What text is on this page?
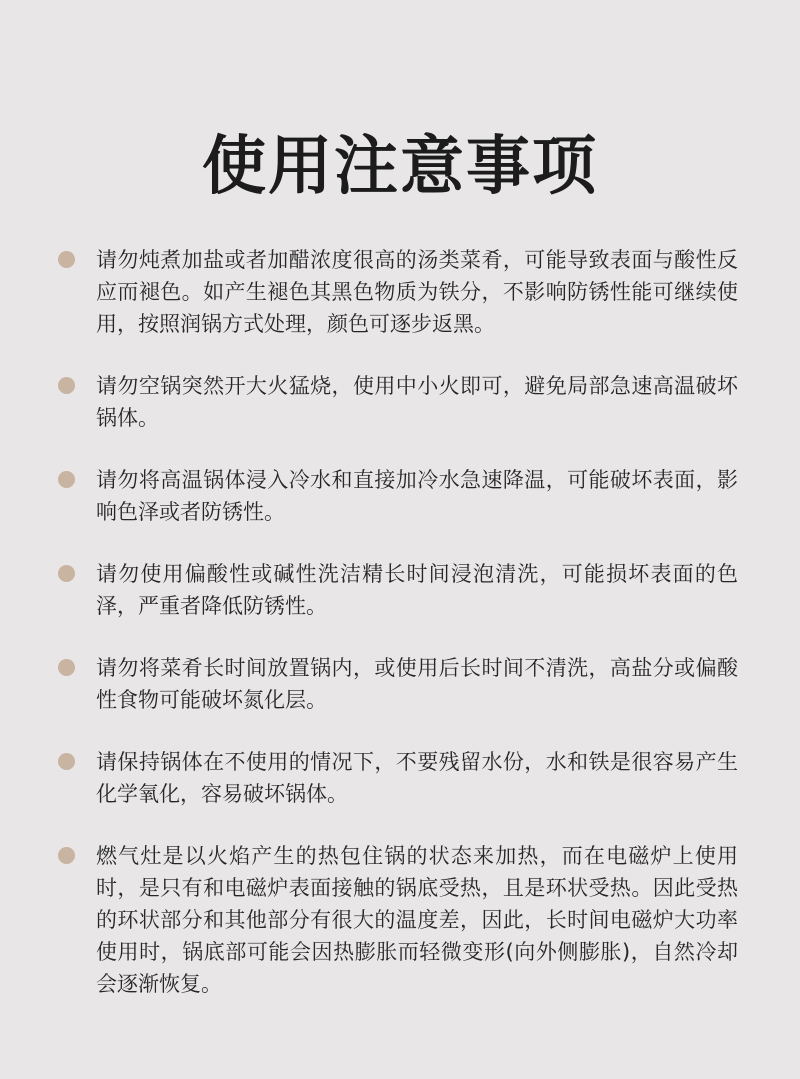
使用注意事项
请勿炖煮加盐或者加醋浓度很高的汤类菜肴，可能导致表面与酸性反应而褪色。如产生褪色其黑色物质为铁分，不影响防锈性能可继续使用，按照润锅方式处理，颜色可逐步返黑。
请勿空锅突然开大火猛烧，使用中小火即可，避免局部急速高温破坏锅体。
请勿将高温锅体浸入冷水和直接加冷水急速降温，可能破坏表面，影响色泽或者防锈性。
请勿使用偏酸性或碱性洗洁精长时间浸泡清洗，可能损坏表面的色泽，严重者降低防锈性。
请勿将菜肴长时间放置锅内，或使用后长时间不清洗，高盐分或偏酸性食物可能破坏氮化层。
请保持锅体在不使用的情况下，不要残留水份，水和铁是很容易产生化学氧化，容易破坏锅体。
燃气灶是以火焰产生的热包住锅的状态来加热，而在电磁炉上使用时，是只有和电磁炉表面接触的锅底受热，且是环状受热。因此受热的环状部分和其他部分有很大的温度差，因此，长时间电磁炉大功率使用时，锅底部可能会因热膨胀而轻微变形(向外侧膨胀)，自然冷却会逐渐恢复。
